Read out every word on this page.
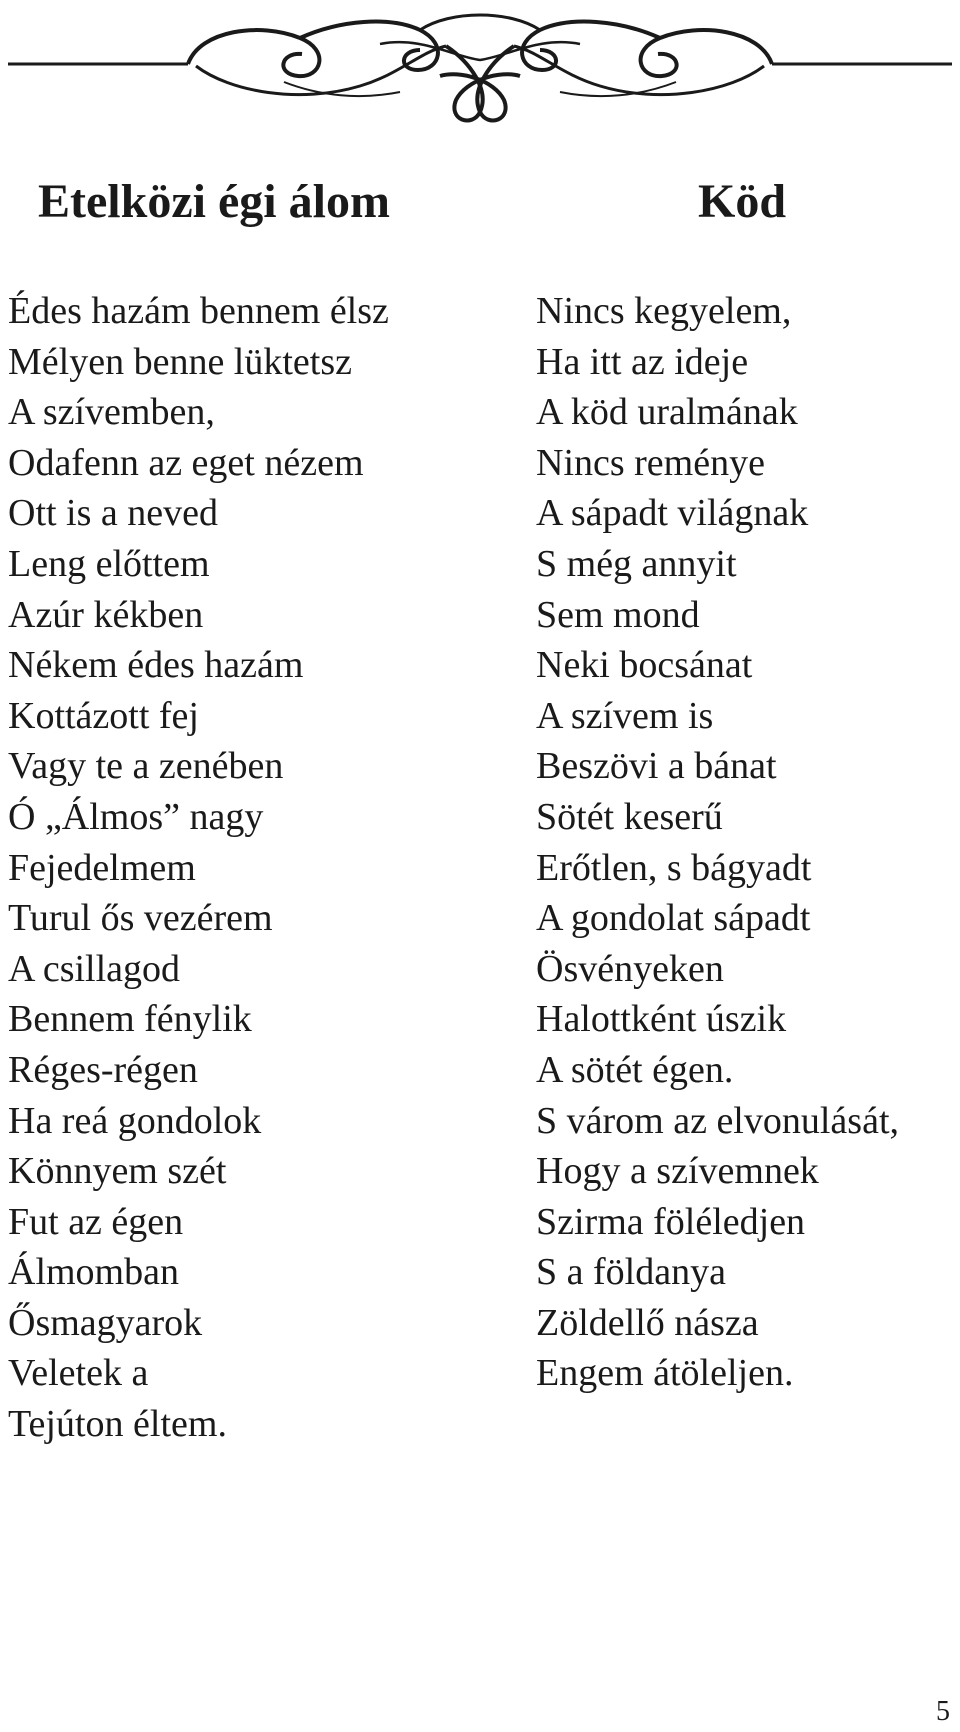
Etelközi égi álom
Édes hazám bennem élsz
Mélyen benne lüktetsz
A szívemben,
Odafenn az eget nézem
Ott is a neved
Leng előttem
Azúr kékben
Nékem édes hazám
Kottázott fej
Vagy te a zenében
Ó „Álmos” nagy
Fejedelmem
Turul ős vezérem
A csillagod
Bennem fénylik
Réges-régen
Ha reá gondolok
Könnyem szét
Fut az égen
Álmomban
Ősmagyarok
Veletek a
Tejúton éltem.
Köd
Nincs kegyelem,
Ha itt az ideje
A köd uralmának
Nincs reménye
A sápadt világnak
S még annyit
Sem mond
Neki bocsánat
A szívem is
Beszövi a bánat
Sötét keserű
Erőtlen, s bágyadt
A gondolat sápadt
Ösvényeken
Halottként úszik
A sötét égen.
S várom az elvonulását,
Hogy a szívemnek
Szirma föléledjen
S a földanya
Zöldellő násza
Engem átöleljen.
5
